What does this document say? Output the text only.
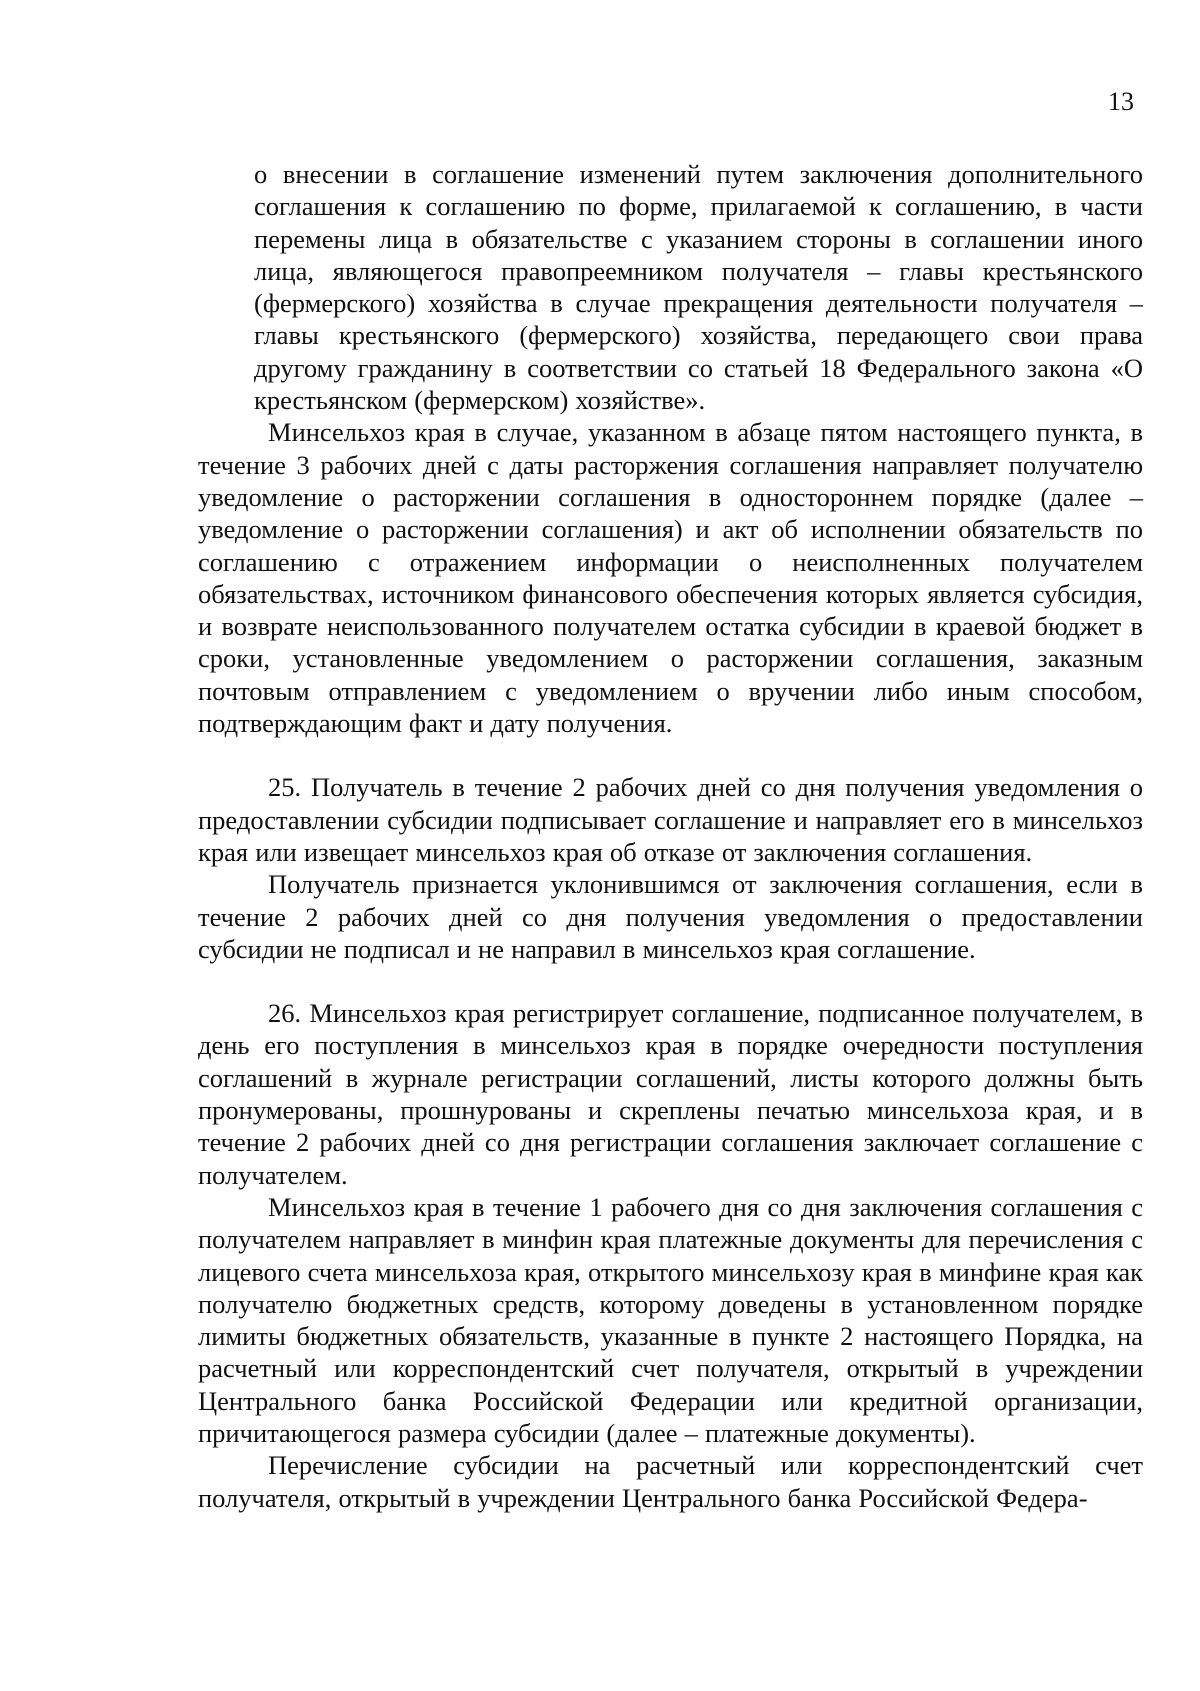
13

о внесении в соглашение изменений путем заключения дополнительного соглашения к соглашению по форме, прилагаемой к соглашению, в части перемены лица в обязательстве с указанием стороны в соглашении иного лица, являющегося правопреемником получателя – главы крестьянского (фермерского) хозяйства в случае прекращения деятельности получателя – главы крестьянского (фермерского) хозяйства, передающего свои права другому гражданину в соответствии со статьей 18 Федерального закона «О крестьянском (фермерском) хозяйстве».

Минсельхоз края в случае, указанном в абзаце пятом настоящего пункта, в течение 3 рабочих дней с даты расторжения соглашения направляет получателю уведомление о расторжении соглашения в одностороннем порядке (далее – уведомление о расторжении соглашения) и акт об исполнении обязательств по соглашению с отражением информации о неисполненных получателем обязательствах, источником финансового обеспечения которых является субсидия, и возврате неиспользованного получателем остатка субсидии в краевой бюджет в сроки, установленные уведомлением о расторжении соглашения, заказным почтовым отправлением с уведомлением о вручении либо иным способом, подтверждающим факт и дату получения.

25. Получатель в течение 2 рабочих дней со дня получения уведомления о предоставлении субсидии подписывает соглашение и направляет его в минсельхоз края или извещает минсельхоз края об отказе от заключения соглашения.

Получатель признается уклонившимся от заключения соглашения, если в течение 2 рабочих дней со дня получения уведомления о предоставлении субсидии не подписал и не направил в минсельхоз края соглашение.

26. Минсельхоз края регистрирует соглашение, подписанное получателем, в день его поступления в минсельхоз края в порядке очередности поступления соглашений в журнале регистрации соглашений, листы которого должны быть пронумерованы, прошнурованы и скреплены печатью минсельхоза края, и в течение 2 рабочих дней со дня регистрации соглашения заключает соглашение с получателем.

Минсельхоз края в течение 1 рабочего дня со дня заключения соглашения с получателем направляет в минфин края платежные документы для перечисления с лицевого счета минсельхоза края, открытого минсельхозу края в минфине края как получателю бюджетных средств, которому доведены в установленном порядке лимиты бюджетных обязательств, указанные в пункте 2 настоящего Порядка, на расчетный или корреспондентский счет получателя, открытый в учреждении Центрального банка Российской Федерации или кредитной организации, причитающегося размера субсидии (далее – платежные документы).

Перечисление субсидии на расчетный или корреспондентский счет получателя, открытый в учреждении Центрального банка Российской Федера-
